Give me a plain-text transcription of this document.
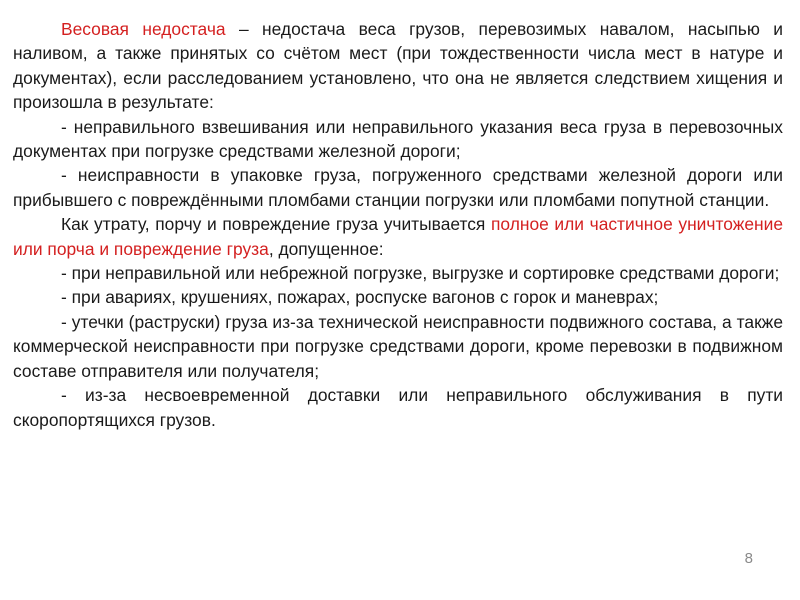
Весовая недостача – недостача веса грузов, перевозимых навалом, насыпью и наливом, а также принятых со счётом мест (при тождественности числа мест в натуре и документах), если расследованием установлено, что она не является следствием хищения и произошла в результате:

- неправильного взвешивания или неправильного указания веса груза в перевозочных документах при погрузке средствами железной дороги;

- неисправности в упаковке груза, погруженного средствами железной дороги или прибывшего с повреждёнными пломбами станции погрузки или пломбами попутной станции.

Как утрату, порчу и повреждение груза учитывается полное или частичное уничтожение или порча и повреждение груза, допущенное:

- при неправильной или небрежной погрузке, выгрузке и сортировке средствами дороги;

- при авариях, крушениях, пожарах, роспуске вагонов с горок и маневрах;

- утечки (раструски) груза из-за технической неисправности подвижного состава, а также коммерческой неисправности при погрузке средствами дороги, кроме перевозки в подвижном составе отправителя или получателя;

- из-за несвоевременной доставки или неправильного обслуживания в пути скоропортящихся грузов.

8
